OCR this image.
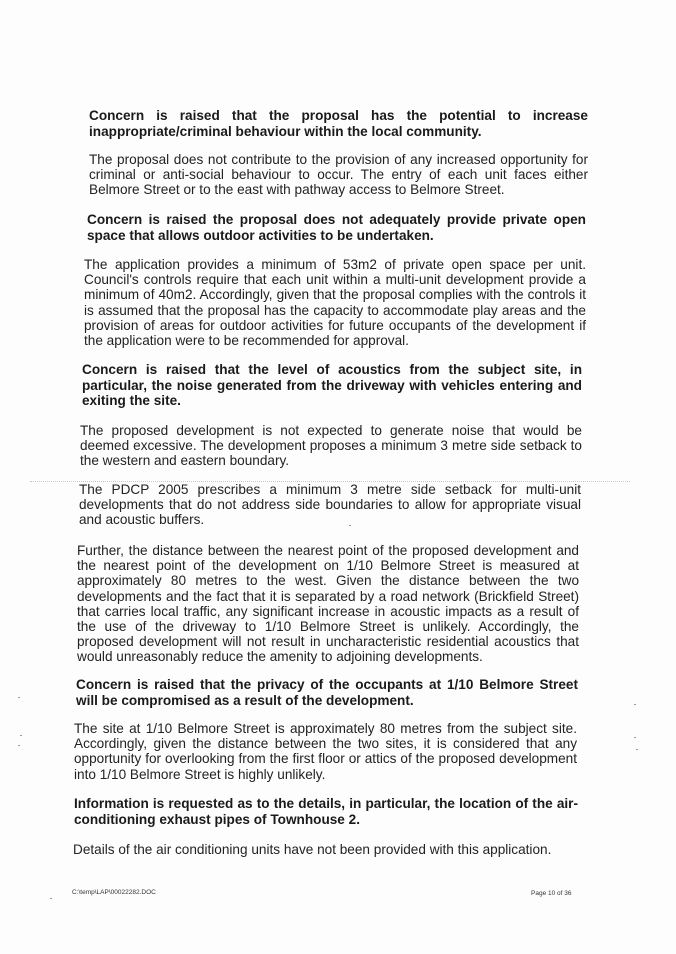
Concern is raised that the proposal has the potential to increase inappropriate/criminal behaviour within the local community.

The proposal does not contribute to the provision of any increased opportunity for criminal or anti-social behaviour to occur. The entry of each unit faces either Belmore Street or to the east with pathway access to Belmore Street.

Concern is raised the proposal does not adequately provide private open space that allows outdoor activities to be undertaken.

The application provides a minimum of 53m2 of private open space per unit. Council's controls require that each unit within a multi-unit development provide a minimum of 40m2. Accordingly, given that the proposal complies with the controls it is assumed that the proposal has the capacity to accommodate play areas and the provision of areas for outdoor activities for future occupants of the development if the application were to be recommended for approval.

Concern is raised that the level of acoustics from the subject site, in particular, the noise generated from the driveway with vehicles entering and exiting the site.

The proposed development is not expected to generate noise that would be deemed excessive. The development proposes a minimum 3 metre side setback to the western and eastern boundary.

The PDCP 2005 prescribes a minimum 3 metre side setback for multi-unit developments that do not address side boundaries to allow for appropriate visual and acoustic buffers.

Further, the distance between the nearest point of the proposed development and the nearest point of the development on 1/10 Belmore Street is measured at approximately 80 metres to the west. Given the distance between the two developments and the fact that it is separated by a road network (Brickfield Street) that carries local traffic, any significant increase in acoustic impacts as a result of the use of the driveway to 1/10 Belmore Street is unlikely. Accordingly, the proposed development will not result in uncharacteristic residential acoustics that would unreasonably reduce the amenity to adjoining developments.

Concern is raised that the privacy of the occupants at 1/10 Belmore Street will be compromised as a result of the development.

The site at 1/10 Belmore Street is approximately 80 metres from the subject site. Accordingly, given the distance between the two sites, it is considered that any opportunity for overlooking from the first floor or attics of the proposed development into 1/10 Belmore Street is highly unlikely.

Information is requested as to the details, in particular, the location of the air-conditioning exhaust pipes of Townhouse 2.

Details of the air conditioning units have not been provided with this application.

C:\temp\LAP\00022282.DOC	Page 10 of 36
